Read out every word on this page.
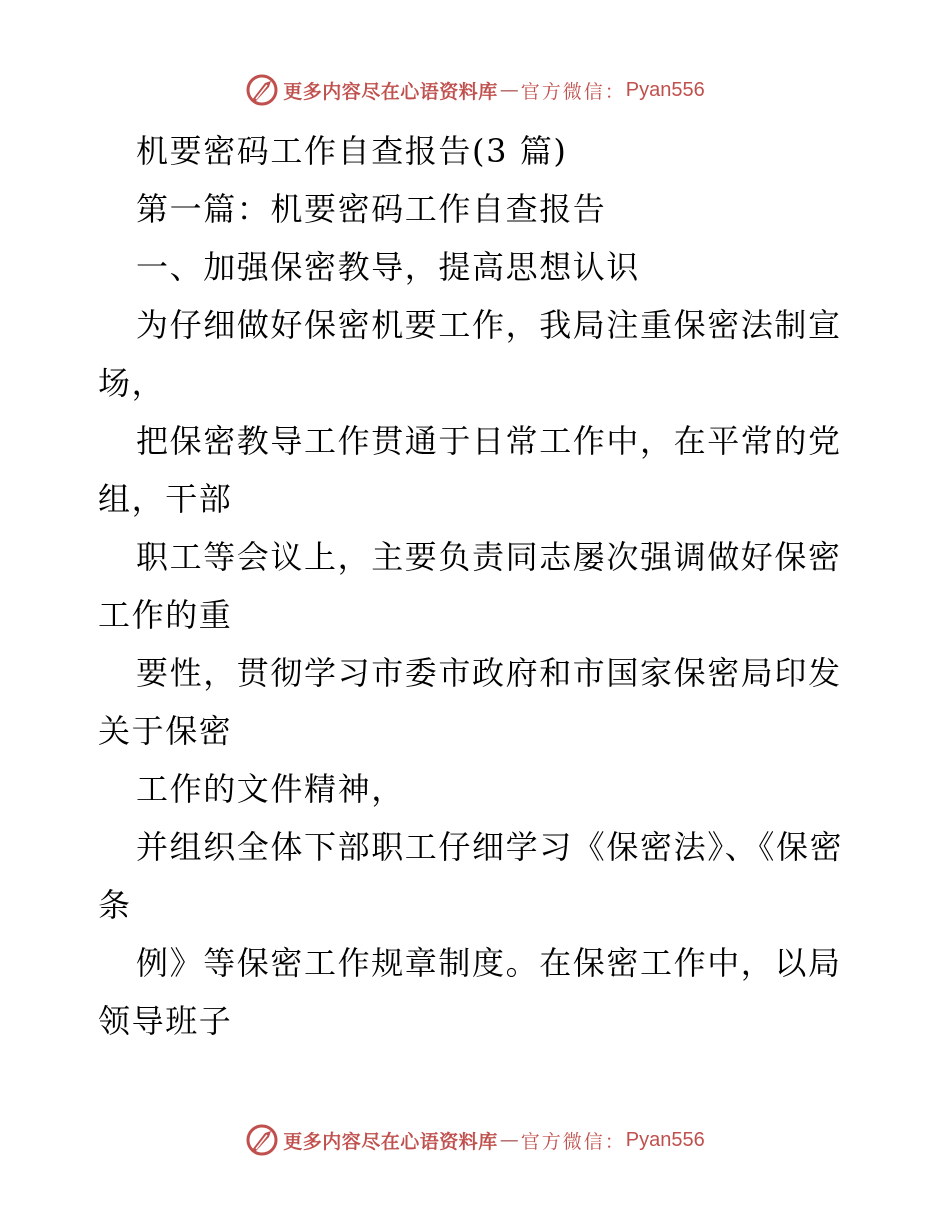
更多内容尽在心语资料库 — 官方微信： Pyan556

机要密码工作自查报告(3 篇)

第一篇：机要密码工作自查报告

一、加强保密教导，提高思想认识

为仔细做好保密机要工作，我局注重保密法制宣场，

把保密教导工作贯通于日常工作中，在平常的党组，干部

职工等会议上，主要负责同志屡次强调做好保密工作的重

要性，贯彻学习市委市政府和市国家保密局印发关于保密

工作的文件精神，

并组织全体下部职工仔细学习《保密法》、《保密条

例》等保密工作规章制度。在保密工作中，以局领导班子

更多内容尽在心语资料库 — 官方微信： Pyan556
